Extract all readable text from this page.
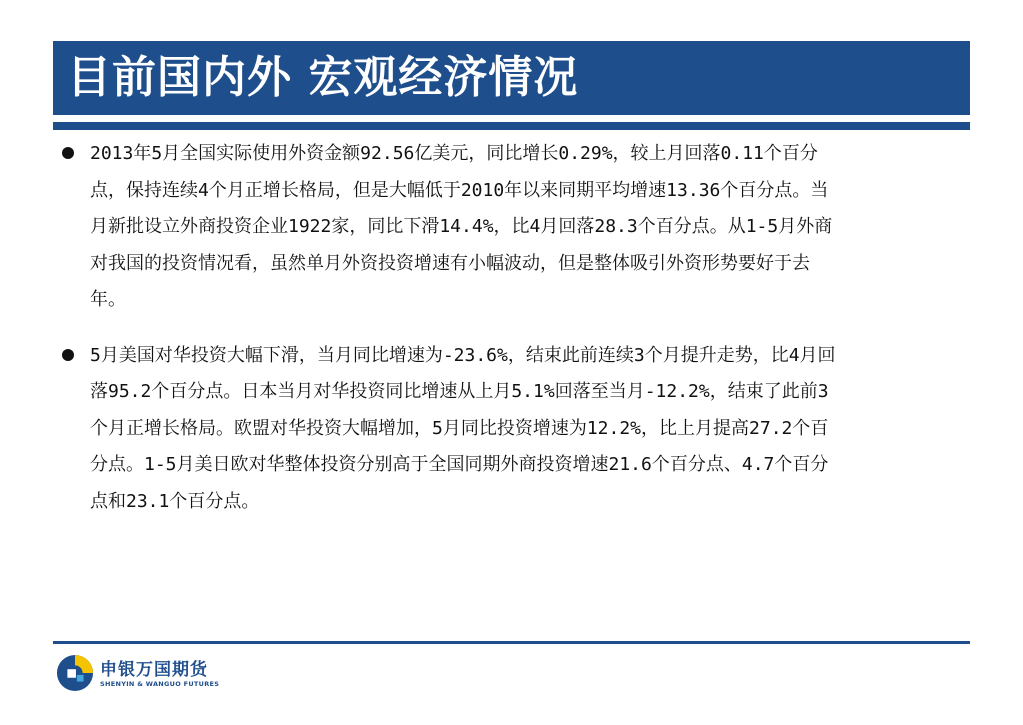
目前国内外 宏观经济情况

2013年5月全国实际使用外资金额92.56亿美元，同比增长0.29%，较上月回落0.11个百分点，保持连续4个月正增长格局，但是大幅低于2010年以来同期平均增速13.36个百分点。当月新批设立外商投资企业1922家，同比下滑14.4%，比4月回落28.3个百分点。从1-5月外商对我国的投资情况看，虽然单月外资投资增速有小幅波动，但是整体吸引外资形势要好于去年。

5月美国对华投资大幅下滑，当月同比增速为-23.6%，结束此前连续3个月提升走势，比4月回落95.2个百分点。日本当月对华投资同比增速从上月5.1%回落至当月-12.2%，结束了此前3个月正增长格局。欧盟对华投资大幅增加，5月同比投资增速为12.2%，比上月提高27.2个百分点。1-5月美日欧对华整体投资分别高于全国同期外商投资增速21.6个百分点、4.7个百分点和23.1个百分点。

申银万国期货
SHENYIN & WANGUO FUTURES
